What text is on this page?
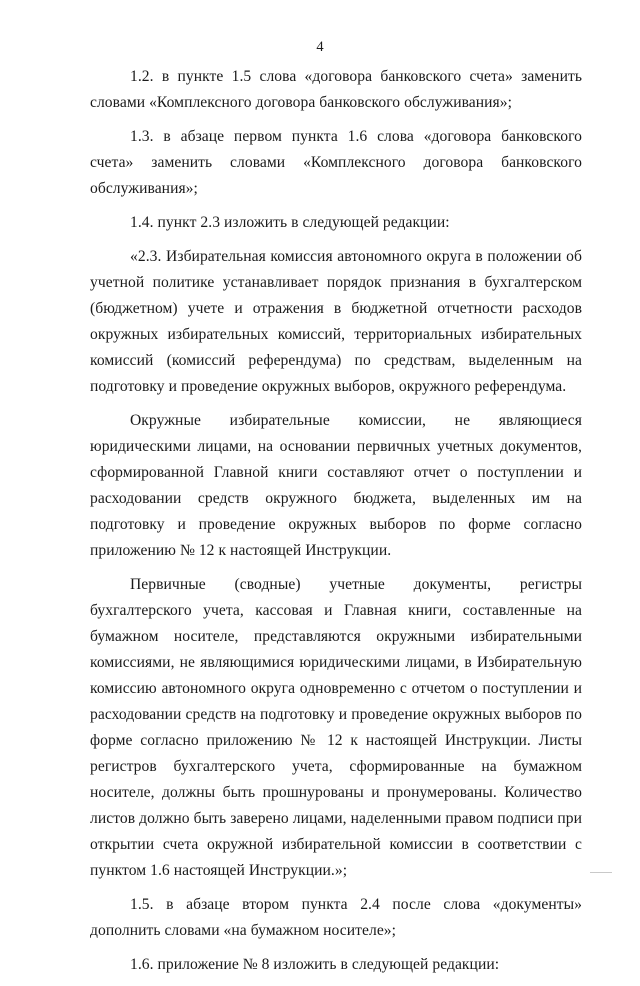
4

1.2. в пункте 1.5 слова «договора банковского счета» заменить словами «Комплексного договора банковского обслуживания»;

1.3. в абзаце первом пункта 1.6 слова «договора банковского счета» заменить словами «Комплексного договора банковского обслуживания»;

1.4. пункт 2.3 изложить в следующей редакции:

«2.3. Избирательная комиссия автономного округа в положении об учетной политике устанавливает порядок признания в бухгалтерском (бюджетном) учете и отражения в бюджетной отчетности расходов окружных избирательных комиссий, территориальных избирательных комиссий (комиссий референдума) по средствам, выделенным на подготовку и проведение окружных выборов, окружного референдума.

Окружные избирательные комиссии, не являющиеся юридическими лицами, на основании первичных учетных документов, сформированной Главной книги составляют отчет о поступлении и расходовании средств окружного бюджета, выделенных им на подготовку и проведение окружных выборов по форме согласно приложению № 12 к настоящей Инструкции.

Первичные (сводные) учетные документы, регистры бухгалтерского учета, кассовая и Главная книги, составленные на бумажном носителе, представляются окружными избирательными комиссиями, не являющимися юридическими лицами, в Избирательную комиссию автономного округа одновременно с отчетом о поступлении и расходовании средств на подготовку и проведение окружных выборов по форме согласно приложению № 12 к настоящей Инструкции. Листы регистров бухгалтерского учета, сформированные на бумажном носителе, должны быть прошнурованы и пронумерованы. Количество листов должно быть заверено лицами, наделенными правом подписи при открытии счета окружной избирательной комиссии в соответствии с пунктом 1.6 настоящей Инструкции.»;

1.5. в абзаце втором пункта 2.4 после слова «документы» дополнить словами «на бумажном носителе»;

1.6. приложение № 8 изложить в следующей редакции:
